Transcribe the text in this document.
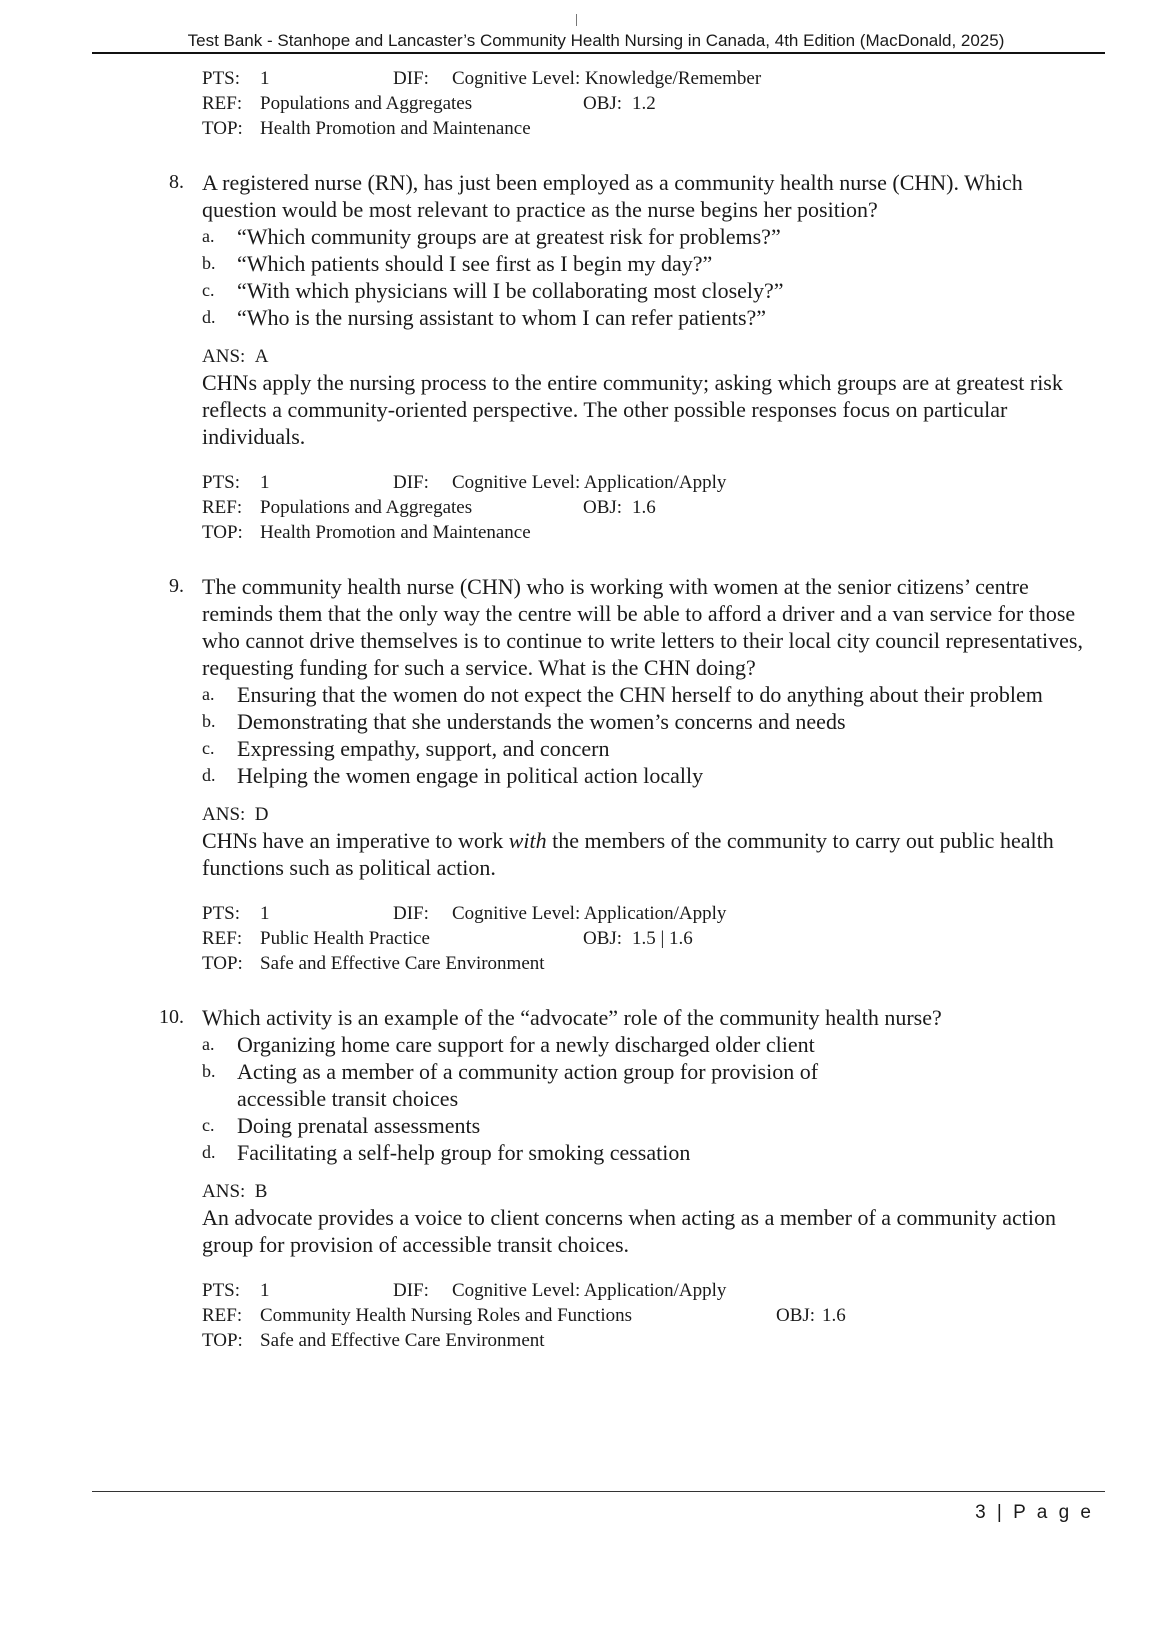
Test Bank - Stanhope and Lancaster’s Community Health Nursing in Canada, 4th Edition (MacDonald, 2025)
PTS: 1	DIF: Cognitive Level: Knowledge/Remember
REF: Populations and Aggregates	OBJ: 1.2
TOP: Health Promotion and Maintenance
8. A registered nurse (RN), has just been employed as a community health nurse (CHN). Which question would be most relevant to practice as the nurse begins her position?
a. “Which community groups are at greatest risk for problems?”
b. “Which patients should I see first as I begin my day?”
c. “With which physicians will I be collaborating most closely?”
d. “Who is the nursing assistant to whom I can refer patients?”
ANS: A
CHNs apply the nursing process to the entire community; asking which groups are at greatest risk reflects a community-oriented perspective. The other possible responses focus on particular individuals.
PTS: 1	DIF: Cognitive Level: Application/Apply
REF: Populations and Aggregates	OBJ: 1.6
TOP: Health Promotion and Maintenance
9. The community health nurse (CHN) who is working with women at the senior citizens’ centre reminds them that the only way the centre will be able to afford a driver and a van service for those who cannot drive themselves is to continue to write letters to their local city council representatives, requesting funding for such a service. What is the CHN doing?
a. Ensuring that the women do not expect the CHN herself to do anything about their problem
b. Demonstrating that she understands the women’s concerns and needs
c. Expressing empathy, support, and concern
d. Helping the women engage in political action locally
ANS: D
CHNs have an imperative to work with the members of the community to carry out public health functions such as political action.
PTS: 1	DIF: Cognitive Level: Application/Apply
REF: Public Health Practice	OBJ: 1.5 | 1.6
TOP: Safe and Effective Care Environment
10. Which activity is an example of the “advocate” role of the community health nurse?
a. Organizing home care support for a newly discharged older client
b. Acting as a member of a community action group for provision of accessible transit choices
c. Doing prenatal assessments
d. Facilitating a self-help group for smoking cessation
ANS: B
An advocate provides a voice to client concerns when acting as a member of a community action group for provision of accessible transit choices.
PTS: 1	DIF: Cognitive Level: Application/Apply
REF: Community Health Nursing Roles and Functions	OBJ: 1.6
TOP: Safe and Effective Care Environment
3 | P a g e
